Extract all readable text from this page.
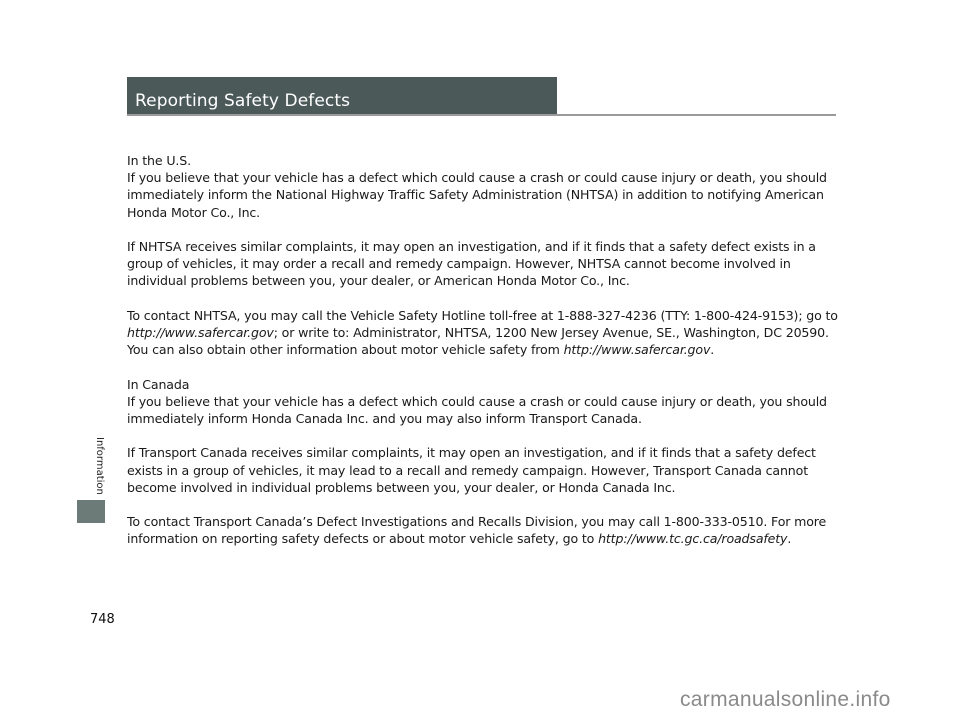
Reporting Safety Defects

In the U.S.
If you believe that your vehicle has a defect which could cause a crash or could cause injury or death, you should immediately inform the National Highway Traffic Safety Administration (NHTSA) in addition to notifying American Honda Motor Co., Inc.

If NHTSA receives similar complaints, it may open an investigation, and if it finds that a safety defect exists in a group of vehicles, it may order a recall and remedy campaign. However, NHTSA cannot become involved in individual problems between you, your dealer, or American Honda Motor Co., Inc.

To contact NHTSA, you may call the Vehicle Safety Hotline toll-free at 1-888-327-4236 (TTY: 1-800-424-9153); go to http://www.safercar.gov; or write to: Administrator, NHTSA, 1200 New Jersey Avenue, SE., Washington, DC 20590. You can also obtain other information about motor vehicle safety from http://www.safercar.gov.

In Canada
If you believe that your vehicle has a defect which could cause a crash or could cause injury or death, you should immediately inform Honda Canada Inc. and you may also inform Transport Canada.

If Transport Canada receives similar complaints, it may open an investigation, and if it finds that a safety defect exists in a group of vehicles, it may lead to a recall and remedy campaign. However, Transport Canada cannot become involved in individual problems between you, your dealer, or Honda Canada Inc.

To contact Transport Canada’s Defect Investigations and Recalls Division, you may call 1-800-333-0510. For more information on reporting safety defects or about motor vehicle safety, go to http://www.tc.gc.ca/roadsafety.

Information
748
carmanualsonline.info
